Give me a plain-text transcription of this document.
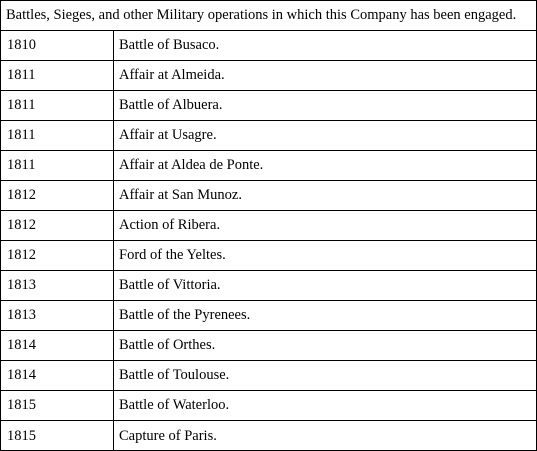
Battles, Sieges, and other Military operations in which this Company has been engaged.
1810	Battle of Busaco.
1811	Affair at Almeida.
1811	Battle of Albuera.
1811	Affair at Usagre.
1811	Affair at Aldea de Ponte.
1812	Affair at San Munoz.
1812	Action of Ribera.
1812	Ford of the Yeltes.
1813	Battle of Vittoria.
1813	Battle of the Pyrenees.
1814	Battle of Orthes.
1814	Battle of Toulouse.
1815	Battle of Waterloo.
1815	Capture of Paris.
